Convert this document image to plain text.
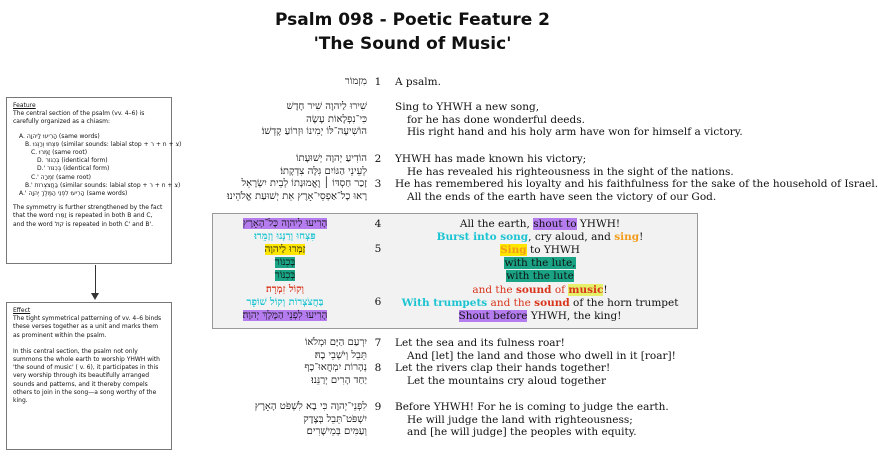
Psalm 098 - Poetic Feature 2
'The Sound of Music'
Feature
The central section of the psalm (vv. 4–6) is carefully organized as a chiasm:
A. הָרִיעוּ לַיהוָה (same words)
B. פִּצְחוּ וְרַנְּנוּ (similar sounds: labial stop + ר + n + צ)
C. זַמְּרוּ (same root)
D. בְּכִנּוֹר (identical form)
D.' בְּכִנּוֹר (identical form)
C.' זִמְרָה (same root)
B.' בַּחֲצֹצְרוֹת (similar sounds: labial stop + ר + n + צ)
A.' הָרִיעוּ לִפְנֵי הַמֶּלֶךְ יְהוָה (same words)
The symmetry is further strengthened by the fact that the word זַמְּרוּ is repeated in both B and C, and the word קוֹל is repeated in both C' and B'.
Effect
The tight symmetrical patterning of vv. 4–6 binds these verses together as a unit and marks them as prominent within the psalm.
In this central section, the psalm not only summons the whole earth to worship YHWH with 'the sound of music' ( v. 6), it participates in this very worship through its beautifully arranged sounds and patterns, and it thereby compels others to join in the song—a song worthy of the king.
מִזְמוֹר 1 A psalm.
שִׁירוּ לַיהוָה שִׁיר חָדָשׁ
כִּי־נִפְלָאוֹת עָשָׂה
הוֹשִׁיעָה־לּוֹ יְמִינוֹ וּזְרוֹעַ קָדְשׁוֹ׃
Sing to YHWH a new song,
for he has done wonderful deeds.
His right hand and his holy arm have won for himself a victory.
הוֹדִיעַ יְהוָה יְשׁוּעָתוֹ
לְעֵינֵי הַגּוֹיִם גִּלָּה צִדְקָתוֹ׃
2 YHWH has made known his victory;
He has revealed his righteousness in the sight of the nations.
זָכַר חַסְדּוֹ ׀ וֶאֱמוּנָתוֹ לְבֵית יִשְׂרָאֵל
רָאוּ כָל־אַפְסֵי־אָרֶץ אֵת יְשׁוּעַת אֱלֹהֵינוּ׃
3 He has remembered his loyalty and his faithfulness for the sake of the household of Israel.
All the ends of the earth have seen the victory of our God.
4
5
6
הָרִיעוּ לַיהוָה כָּל־הָאָרֶץ
פִּצְחוּ וְרַנְּנוּ וְזַמֵּרוּ׃
זַמְּרוּ לַיהוָה
בְּכִנּוֹר
בְּכִנּוֹר
וְקוֹל זִמְרָה׃
בַּחֲצֹצְרוֹת וְקוֹל שׁוֹפָר
הָרִיעוּ לִפְנֵי הַמֶּלֶךְ יְהוָה׃
All the earth, shout to YHWH!
Burst into song, cry aloud, and sing!
Sing to YHWH
with the lute,
with the lute
and the sound of music!
With trumpets and the sound of the horn trumpet
Shout before YHWH, the king!
יִרְעַם הַיָּם וּמְלֹאוֹ
תֵּבֵל וְיֹשְׁבֵי בָהּ׃
7 Let the sea and its fulness roar!
And [let] the land and those who dwell in it [roar]!
נְהָרוֹת יִמְחֲאוּ־כָף
יַחַד הָרִים יְרַנֵּנוּ׃
8 Let the rivers clap their hands together!
Let the mountains cry aloud together
לִפְנֵי־יְהוָה כִּי בָא לִשְׁפֹּט הָאָרֶץ
יִשְׁפֹּט־תֵּבֵל בְּצֶדֶק
וְעַמִּים בְּמֵישָׁרִים׃
9 Before YHWH! For he is coming to judge the earth.
He will judge the land with righteousness;
and [he will judge] the peoples with equity.
